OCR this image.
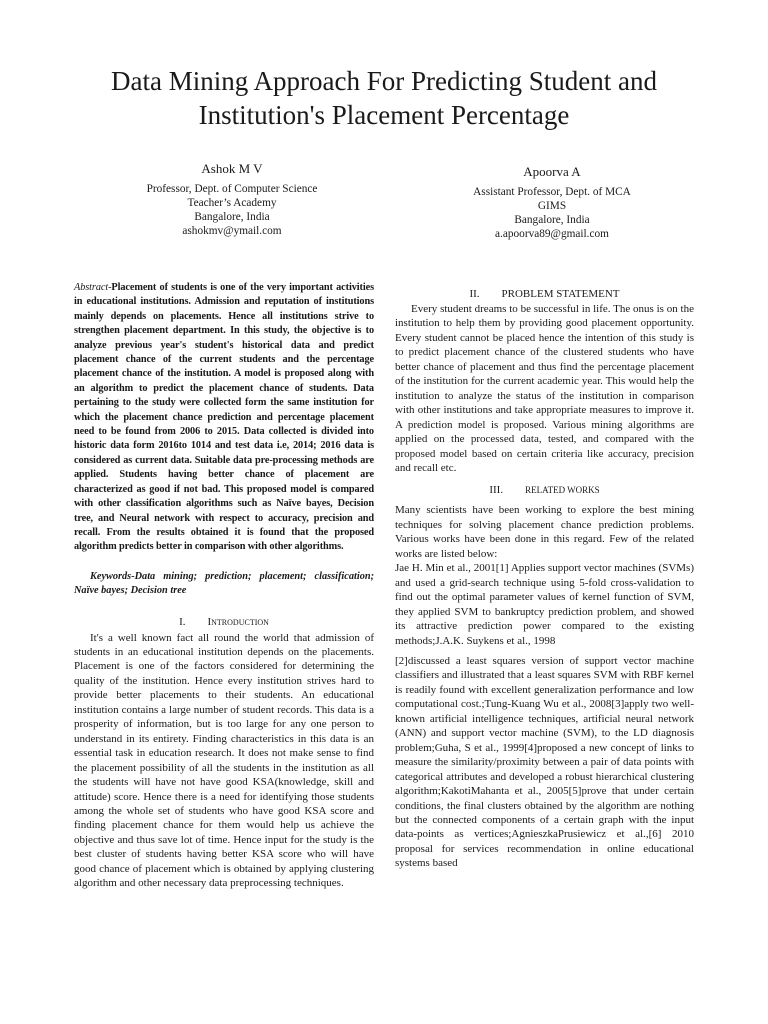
Data Mining Approach For Predicting Student and
Institution's Placement Percentage
Ashok M V
Professor, Dept. of Computer Science
Teacher’s Academy
Bangalore, India
ashokmv@ymail.com
Apoorva A
Assistant Professor, Dept. of MCA
GIMS
Bangalore, India
a.apoorva89@gmail.com

Abstract-Placement of students is one of the very important activities in educational institutions. Admission and reputation of institutions mainly depends on placements. Hence all institutions strive to strengthen placement department. In this study, the objective is to analyze previous year's student's historical data and predict placement chance of the current students and the percentage placement chance of the institution. A model is proposed along with an algorithm to predict the placement chance of students. Data pertaining to the study were collected form the same institution for which the placement chance prediction and percentage placement need to be found from 2006 to 2015. Data collected is divided into historic data form 2016to 1014 and test data i.e, 2014; 2016 data is considered as current data. Suitable data pre-processing methods are applied. Students having better chance of placement are characterized as good if not bad. This proposed model is compared with other classification algorithms such as Naïve bayes, Decision tree, and Neural network with respect to accuracy, precision and recall. From the results obtained it is found that the proposed algorithm predicts better in comparison with other algorithms.

Keywords-Data mining; prediction; placement; classification; Naïve bayes; Decision tree

I. Introduction

It's a well known fact all round the world that admission of students in an educational institution depends on the placements. Placement is one of the factors considered for determining the quality of the institution. Hence every institution strives hard to provide better placements to their students. An educational institution contains a large number of student records. This data is a prosperity of information, but is too large for any one person to understand in its entirety. Finding characteristics in this data is an essential task in education research. It does not make sense to find the placement possibility of all the students in the institution as all the students will have not have good KSA(knowledge, skill and attitude) score. Hence there is a need for identifying those students among the whole set of students who have good KSA score and finding placement chance for them would help us achieve the objective and thus save lot of time. Hence input for the study is the best cluster of students having better KSA score who will have good chance of placement which is obtained by applying clustering algorithm and other necessary data preprocessing techniques.

II. PROBLEM STATEMENT

Every student dreams to be successful in life. The onus is on the institution to help them by providing good placement opportunity. Every student cannot be placed hence the intention of this study is to predict placement chance of the clustered students who have better chance of placement and thus find the percentage placement of the institution for the current academic year. This would help the institution to analyze the status of the institution in comparison with other institutions and take appropriate measures to improve it. A prediction model is proposed. Various mining algorithms are applied on the processed data, tested, and compared with the proposed model based on certain criteria like accuracy, precision and recall etc.

III. RELATED WORKS

Many scientists have been working to explore the best mining techniques for solving placement chance prediction problems. Various works have been done in this regard. Few of the related works are listed below:

Jae H. Min et al., 2001[1] Applies support vector machines (SVMs) and used a grid-search technique using 5-fold cross-validation to find out the optimal parameter values of kernel function of SVM, they applied SVM to bankruptcy prediction problem, and showed its attractive prediction power compared to the existing methods;J.A.K. Suykens et al., 1998

[2]discussed a least squares version of support vector machine classifiers and illustrated that a least squares SVM with RBF kernel is readily found with excellent generalization performance and low computational cost.;Tung-Kuang Wu et al., 2008[3]apply two well-known artificial intelligence techniques, artificial neural network (ANN) and support vector machine (SVM), to the LD diagnosis problem;Guha, S et al., 1999[4]proposed a new concept of links to measure the similarity/proximity between a pair of data points with categorical attributes and developed a robust hierarchical clustering algorithm;KakotiMahanta et al., 2005[5]prove that under certain conditions, the final clusters obtained by the algorithm are nothing but the connected components of a certain graph with the input data-points as vertices;AgnieszkaPrusiewicz et al.,[6] 2010 proposal for services recommendation in online educational systems based
